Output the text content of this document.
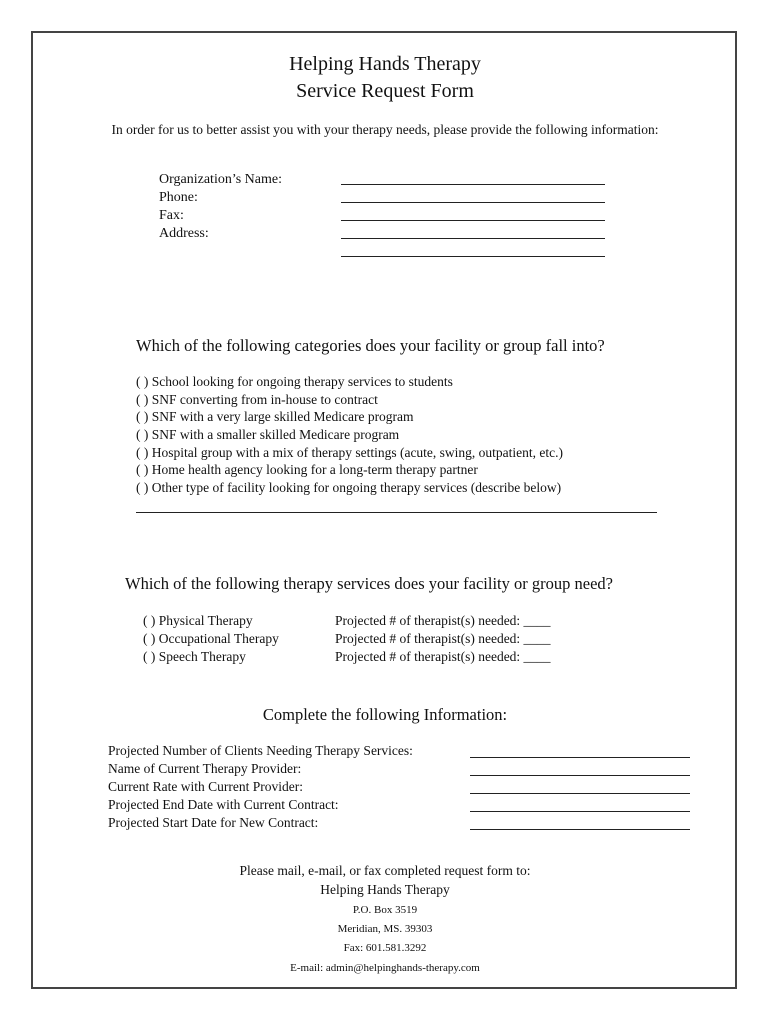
Helping Hands Therapy
Service Request Form
In order for us to better assist you with your therapy needs, please provide the following information:
Organization’s Name:
Phone:
Fax:
Address:
Which of the following categories does your facility or group fall into?
( ) School looking for ongoing therapy services to students
( ) SNF converting from in-house to contract
( ) SNF with a very large skilled Medicare program
( ) SNF with a smaller skilled Medicare program
( ) Hospital group with a mix of therapy settings (acute, swing, outpatient, etc.)
( ) Home health agency looking for a long-term therapy partner
( ) Other type of facility looking for ongoing therapy services (describe below)
Which of the following therapy services does your facility or group need?
( ) Physical Therapy
( ) Occupational Therapy
( ) Speech Therapy
Projected # of therapist(s) needed: ____
Projected # of therapist(s) needed: ____
Projected # of therapist(s) needed: ____
Complete the following Information:
Projected Number of Clients Needing Therapy Services:
Name of Current Therapy Provider:
Current Rate with Current Provider:
Projected End Date with Current Contract:
Projected Start Date for New Contract:
Please mail, e-mail, or fax completed request form to:
Helping Hands Therapy
P.O. Box 3519
Meridian, MS. 39303
Fax: 601.581.3292
E-mail: admin@helpinghands-therapy.com
